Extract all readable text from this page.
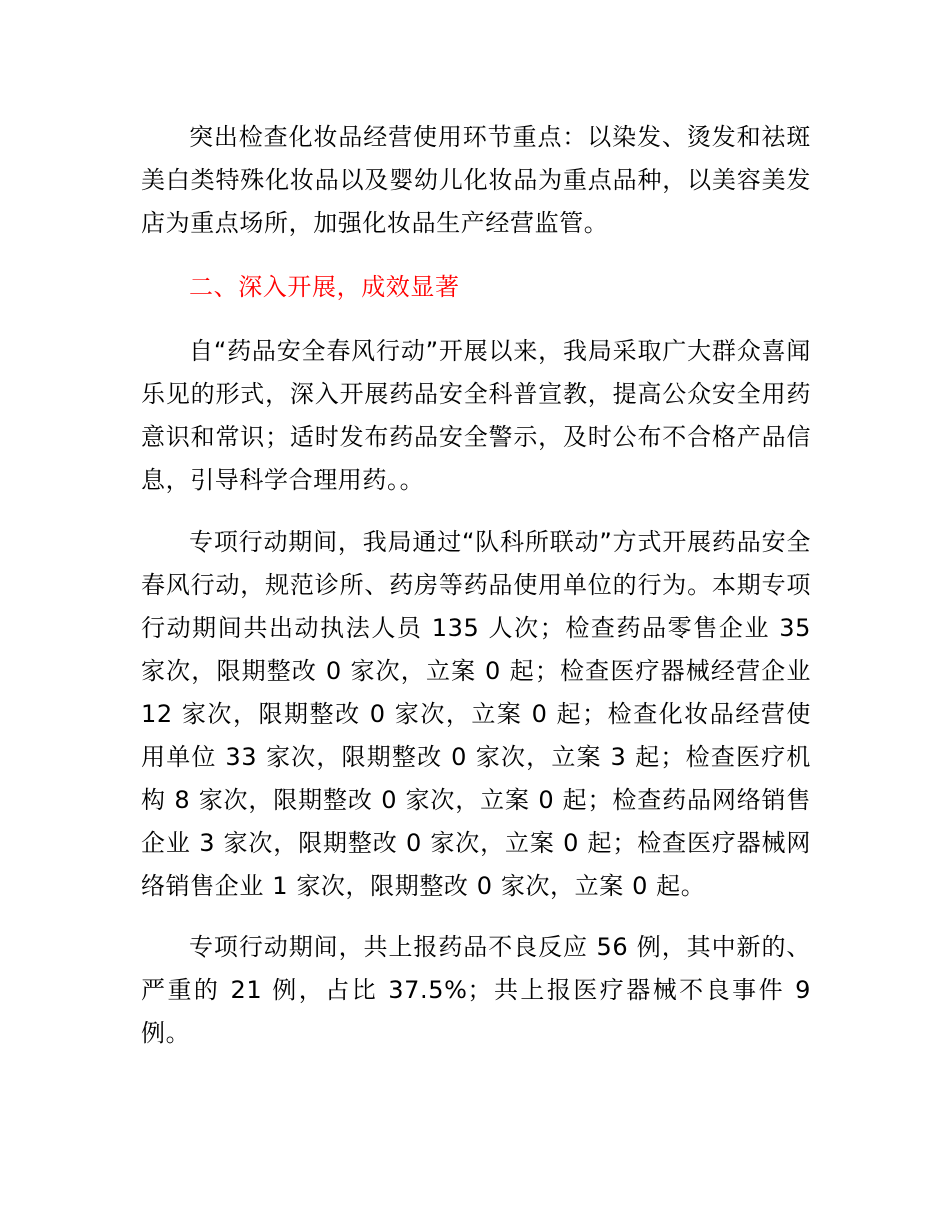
突出检查化妆品经营使用环节重点：以染发、烫发和祛斑美白类特殊化妆品以及婴幼儿化妆品为重点品种，以美容美发店为重点场所，加强化妆品生产经营监管。

二、深入开展，成效显著

自“药品安全春风行动”开展以来，我局采取广大群众喜闻乐见的形式，深入开展药品安全科普宣教，提高公众安全用药意识和常识；适时发布药品安全警示，及时公布不合格产品信息，引导科学合理用药。。

专项行动期间，我局通过“队科所联动”方式开展药品安全春风行动，规范诊所、药房等药品使用单位的行为。本期专项行动期间共出动执法人员 135 人次；检查药品零售企业 35 家次，限期整改 0 家次，立案 0 起；检查医疗器械经营企业 12 家次，限期整改 0 家次，立案 0 起；检查化妆品经营使用单位 33 家次，限期整改 0 家次，立案 3 起；检查医疗机构 8 家次，限期整改 0 家次，立案 0 起；检查药品网络销售企业 3 家次，限期整改 0 家次，立案 0 起；检查医疗器械网络销售企业 1 家次，限期整改 0 家次，立案 0 起。

专项行动期间，共上报药品不良反应 56 例，其中新的、严重的 21 例，占比 37.5%；共上报医疗器械不良事件 9 例。
